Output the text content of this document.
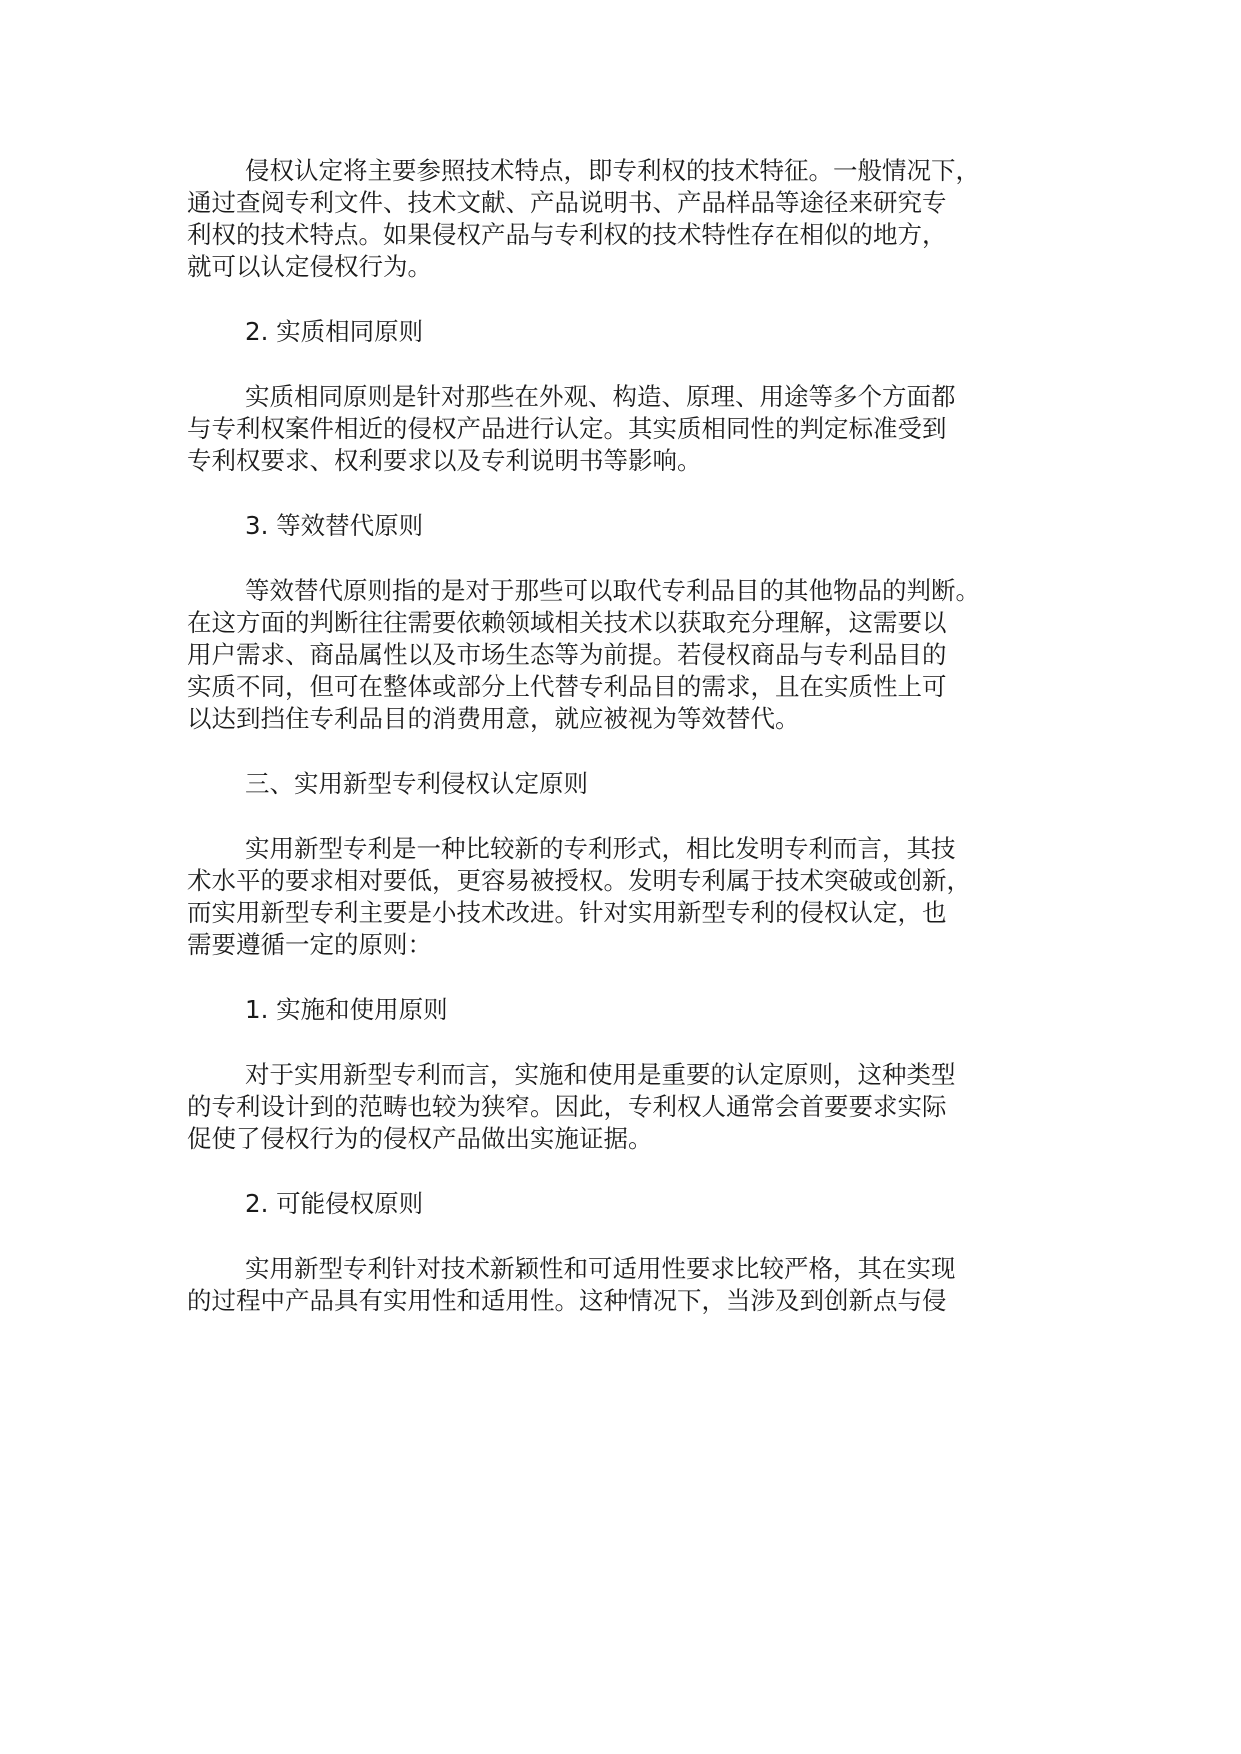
侵权认定将主要参照技术特点，即专利权的技术特征。一般情况下，
通过查阅专利文件、技术文献、产品说明书、产品样品等途径来研究专
利权的技术特点。如果侵权产品与专利权的技术特性存在相似的地方，
就可以认定侵权行为。

2. 实质相同原则

实质相同原则是针对那些在外观、构造、原理、用途等多个方面都
与专利权案件相近的侵权产品进行认定。其实质相同性的判定标准受到
专利权要求、权利要求以及专利说明书等影响。

3. 等效替代原则

等效替代原则指的是对于那些可以取代专利品目的其他物品的判断。
在这方面的判断往往需要依赖领域相关技术以获取充分理解，这需要以
用户需求、商品属性以及市场生态等为前提。若侵权商品与专利品目的
实质不同，但可在整体或部分上代替专利品目的需求，且在实质性上可
以达到挡住专利品目的消费用意，就应被视为等效替代。

三、实用新型专利侵权认定原则

实用新型专利是一种比较新的专利形式，相比发明专利而言，其技
术水平的要求相对要低，更容易被授权。发明专利属于技术突破或创新，
而实用新型专利主要是小技术改进。针对实用新型专利的侵权认定，也
需要遵循一定的原则：

1. 实施和使用原则

对于实用新型专利而言，实施和使用是重要的认定原则，这种类型
的专利设计到的范畴也较为狭窄。因此，专利权人通常会首要要求实际
促使了侵权行为的侵权产品做出实施证据。

2. 可能侵权原则

实用新型专利针对技术新颖性和可适用性要求比较严格，其在实现
的过程中产品具有实用性和适用性。这种情况下，当涉及到创新点与侵
